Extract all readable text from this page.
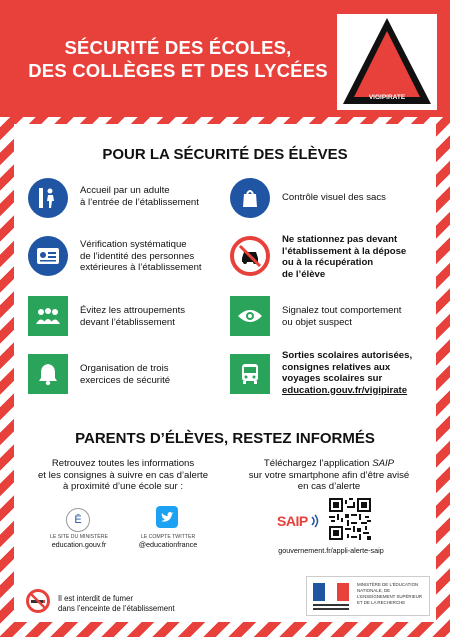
SÉCURITÉ DES ÉCOLES,
DES COLLÈGES ET DES LYCÉES
VIGIPIRATE
POUR LA SÉCURITÉ DES ÉLÈVES
Accueil par un adulte
à l’entrée de l’établissement	Contrôle visuel des sacs
Vérification systématique
de l’identité des personnes
extérieures à l’établissement
Ne stationnez pas devant
l’établissement à la dépose
ou à la récupération
de l’élève
Évitez les attroupements
devant l’établissement
Signalez tout comportement
ou objet suspect
Organisation de trois
exercices de sécurité
Sorties scolaires autorisées,
consignes relatives aux
voyages scolaires sur
education.gouv.fr/vigipirate
PARENTS D’ÉLÈVES, RESTEZ INFORMÉS
Retrouvez toutes les informations
et les consignes à suivre en cas d’alerte
à proximité d’une école sur :
Téléchargez l’application SAIP
sur votre smartphone afin d’être avisé
en cas d’alerte
Ē
LE SITE DU MINISTÈRE
education.gouv.fr
LE COMPTE TWITTER
@educationfrance
SAIP
gouvernement.fr/appli-alerte-saip
Il est interdit de fumer
dans l’enceinte de l’établissement
MINISTÈRE DE L’ÉDUCATION NATIONALE, DE L’ENSEIGNEMENT SUPÉRIEUR ET DE LA RECHERCHE
